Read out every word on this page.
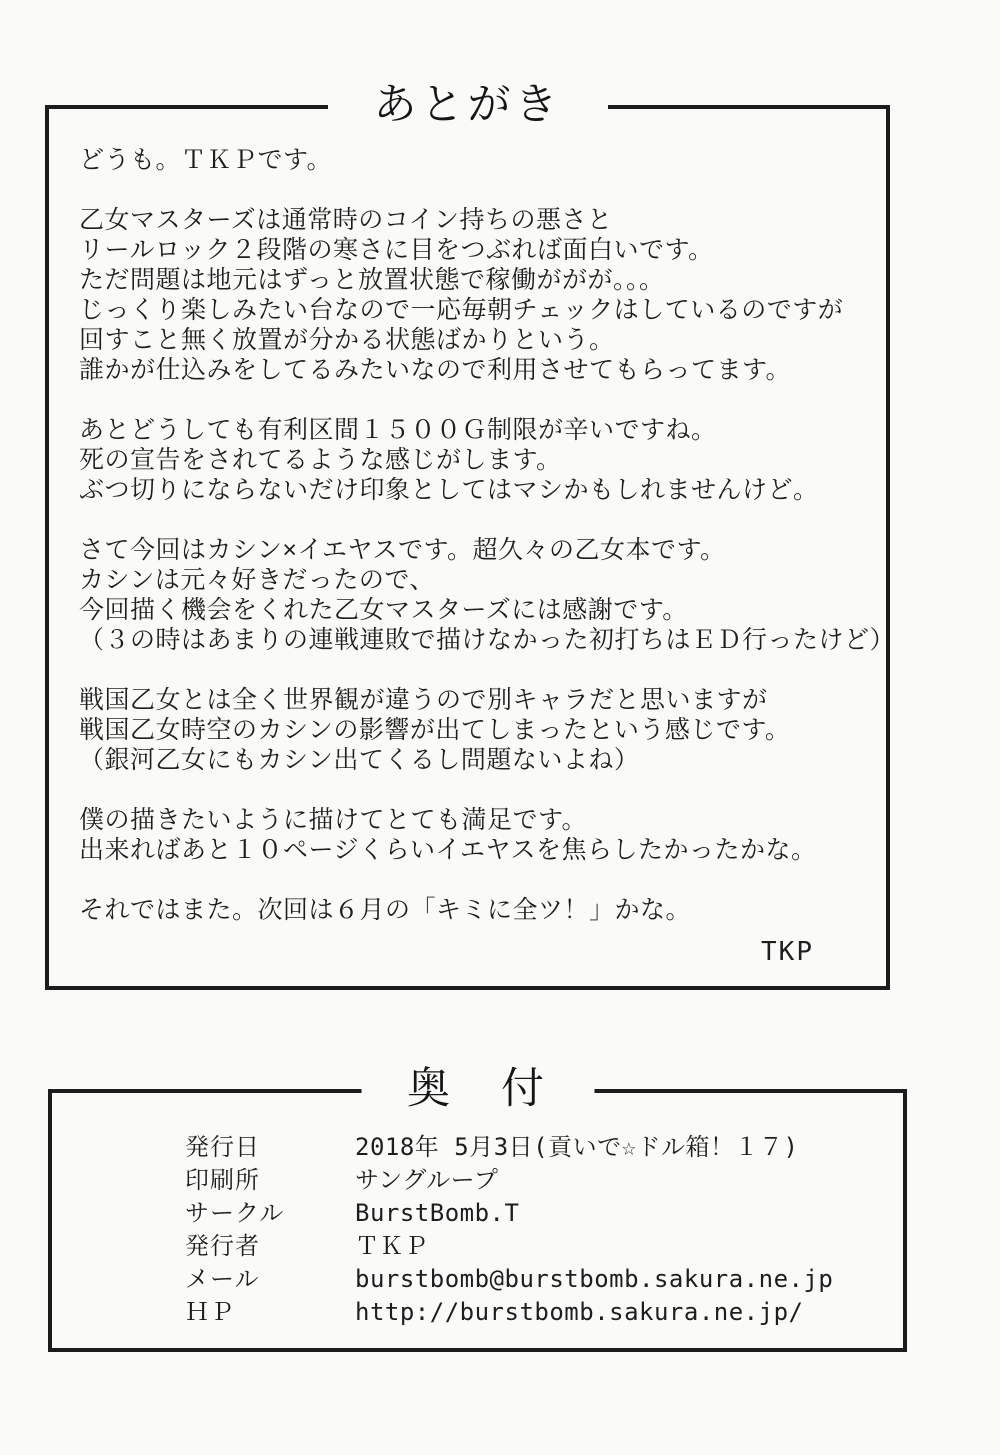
あとがき
どうも。ＴＫＰです。
乙女マスターズは通常時のコイン持ちの悪さと
リールロック２段階の寒さに目をつぶれば面白いです。
ただ問題は地元はずっと放置状態で稼働ががが。。。
じっくり楽しみたい台なので一応毎朝チェックはしているのですが
回すこと無く放置が分かる状態ばかりという。
誰かが仕込みをしてるみたいなので利用させてもらってます。
あとどうしても有利区間１５００Ｇ制限が辛いですね。
死の宣告をされてるような感じがします。
ぶつ切りにならないだけ印象としてはマシかもしれませんけど。
さて今回はカシン×イエヤスです。超久々の乙女本です。
カシンは元々好きだったので、
今回描く機会をくれた乙女マスターズには感謝です。
（３の時はあまりの連戦連敗で描けなかった初打ちはＥＤ行ったけど）
戦国乙女とは全く世界観が違うので別キャラだと思いますが
戦国乙女時空のカシンの影響が出てしまったという感じです。
（銀河乙女にもカシン出てくるし問題ないよね）
僕の描きたいように描けてとても満足です。
出来ればあと１０ページくらいイエヤスを焦らしたかったかな。
それではまた。次回は６月の「キミに全ツ！」かな。
TKP
奥　付
発行日	2018年 5月3日(貢いで☆ドル箱！１７)
印刷所	サングループ
サークル	BurstBomb.T
発行者	ＴＫＰ
メール	burstbomb@burstbomb.sakura.ne.jp
ＨＰ	http://burstbomb.sakura.ne.jp/
